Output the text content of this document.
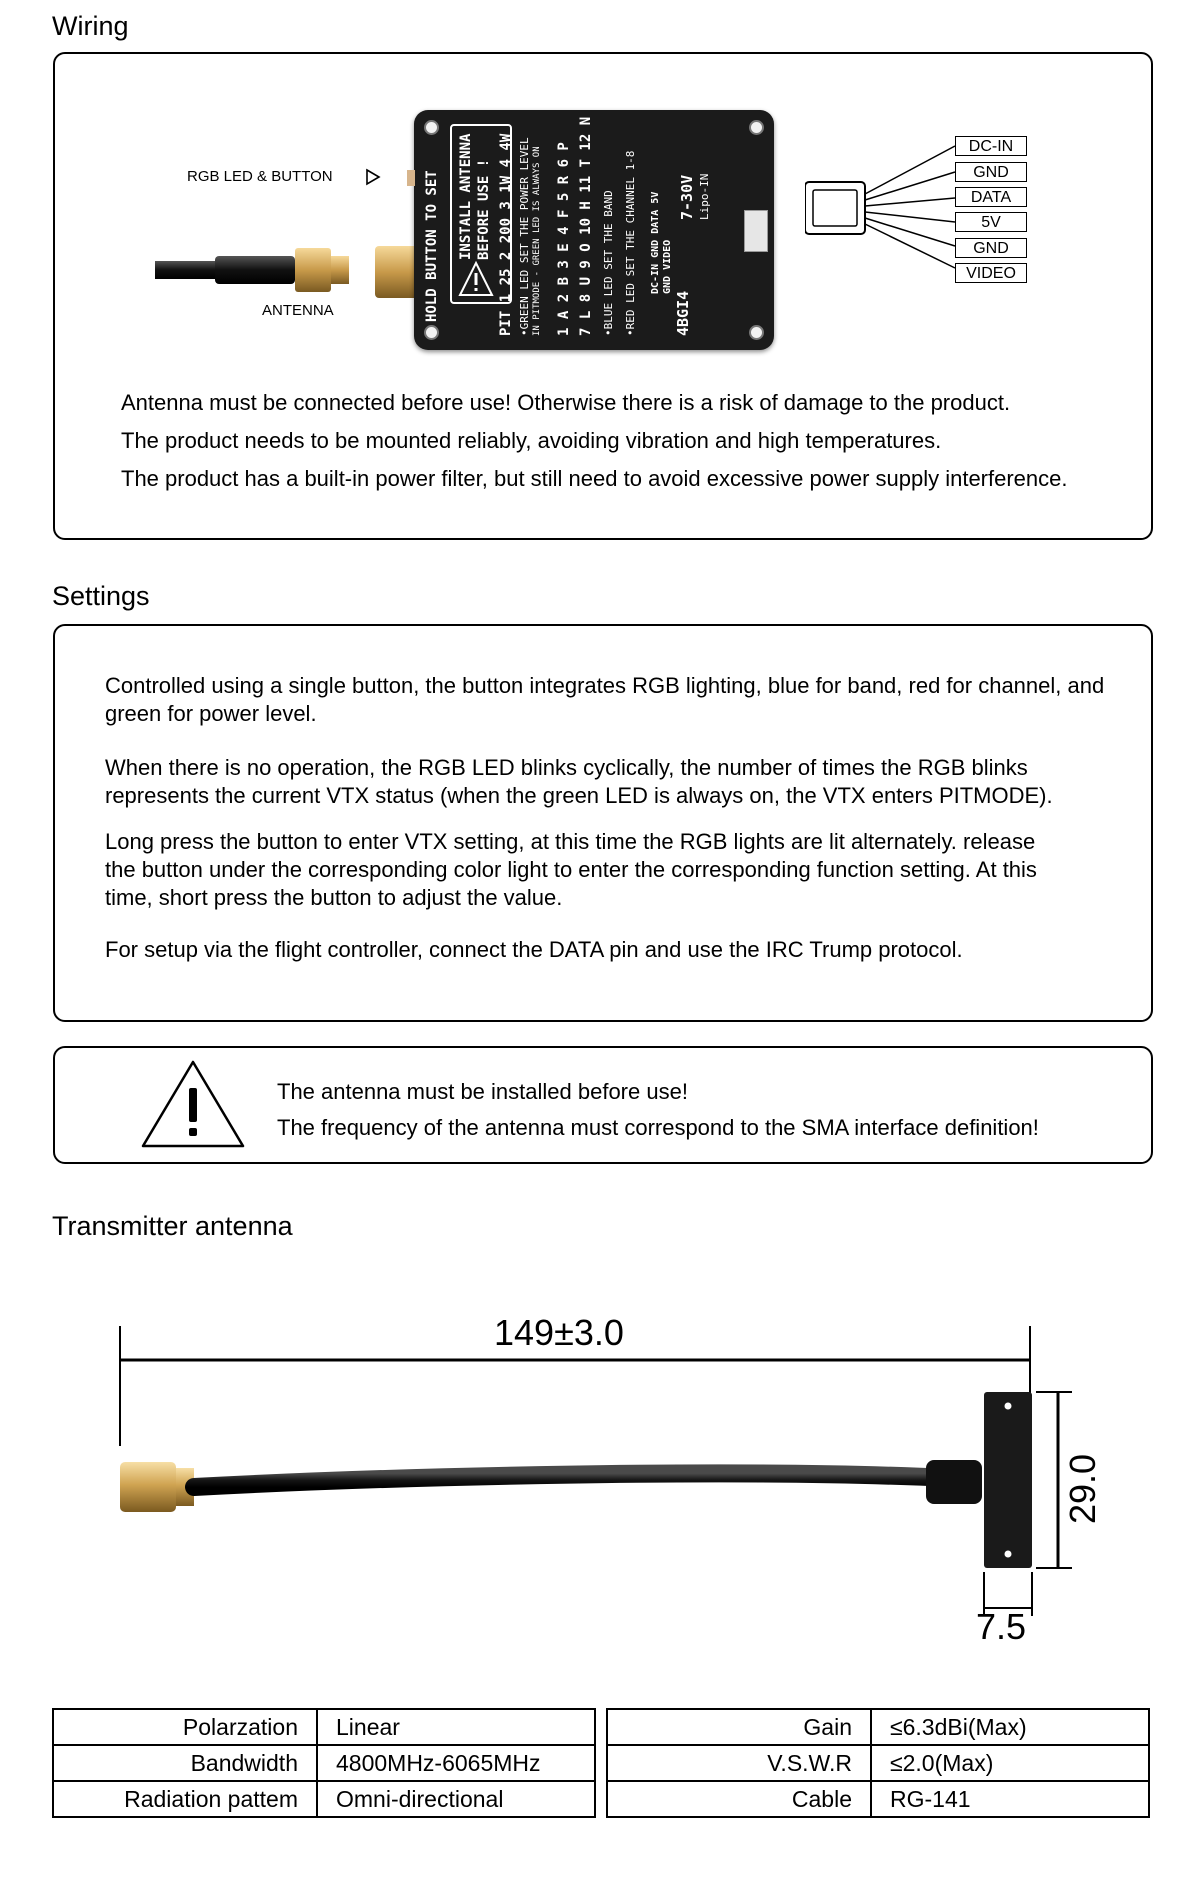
Wiring
RGB LED & BUTTON
ANTENNA	HOLD BUTTON TO SET INSTALL ANTENNA BEFORE USE ! PIT 1 25 2 200 3 1W 4 4W •GREEN LED SET THE POWER LEVEL IN PITMODE - GREEN LED IS ALWAYS ON 1 A 2 B 3 E 4 F 5 R 6 P 7 L 8 U 9 O 10 H 11 T 12 N •BLUE LED SET THE BAND •RED LED SET THE CHANNEL 1-8 DC-IN GND DATA 5V GND VIDEO
7-30V Lipo-IN
4BGI4
DC-IN
GND
DATA
5V
GND
VIDEO
Antenna must be connected before use! Otherwise there is a risk of damage to the product.
The product needs to be mounted reliably, avoiding vibration and high temperatures.
The product has a built-in power filter, but still need to avoid excessive power supply interference.
Settings
Controlled using a single button, the button integrates RGB lighting, blue for band, red for channel, and green for power level.
When there is no operation, the RGB LED blinks cyclically, the number of times the RGB blinks represents the current VTX status (when the green LED is always on, the VTX enters PITMODE).
Long press the button to enter VTX setting, at this time the RGB lights are lit alternately. release the button under the corresponding color light to enter the corresponding function setting. At this time, short press the button to adjust the value.
For setup via the flight controller, connect the DATA pin and use the IRC Trump protocol.
The antenna must be installed before use!
The frequency of the antenna must correspond to the SMA interface definition!
Transmitter antenna
149±3.0
29.0
7.5
Polarzation	Linear
Bandwidth	4800MHz-6065MHz
Radiation pattem	Omni-directional
Gain	≤6.3dBi(Max)
V.S.W.R	≤2.0(Max)
Cable	RG-141
